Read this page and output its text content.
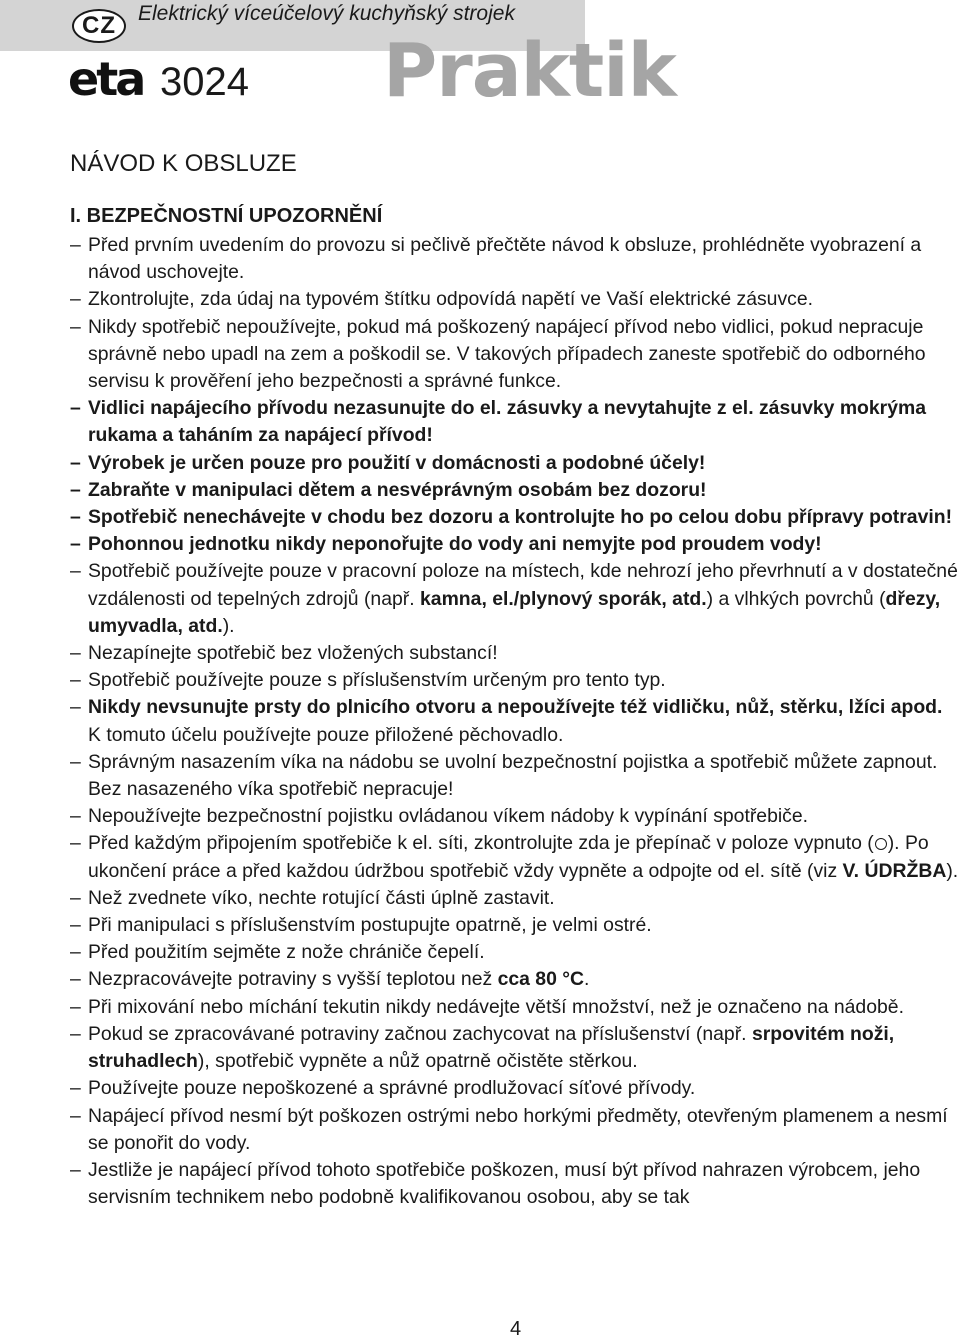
CZ	Elektrický víceúčelový kuchyňský strojek
eta 3024 Praktik
NÁVOD K OBSLUZE
I. BEZPEČNOSTNÍ UPOZORNĚNÍ
– Před prvním uvedením do provozu si pečlivě přečtěte návod k obsluze, prohlédněte vyobrazení a návod uschovejte.
– Zkontrolujte, zda údaj na typovém štítku odpovídá napětí ve Vaší elektrické zásuvce.
– Nikdy spotřebič nepoužívejte, pokud má poškozený napájecí přívod nebo vidlici, pokud nepracuje správně nebo upadl na zem a poškodil se. V takových případech zaneste spotřebič do odborného servisu k prověření jeho bezpečnosti a správné funkce.
– Vidlici napájecího přívodu nezasunujte do el. zásuvky a nevytahujte z el. zásuvky mokrýma rukama a taháním za napájecí přívod!
– Výrobek je určen pouze pro použití v domácnosti a podobné účely!
– Zabraňte v manipulaci dětem a nesvéprávným osobám bez dozoru!
– Spotřebič nenechávejte v chodu bez dozoru a kontrolujte ho po celou dobu přípravy potravin!
– Pohonnou jednotku nikdy neponořujte do vody ani nemyjte pod proudem vody!
– Spotřebič používejte pouze v pracovní poloze na místech, kde nehrozí jeho převrhnutí a v dostatečné vzdálenosti od tepelných zdrojů (např. kamna, el./plynový sporák, atd.) a vlhkých povrchů (dřezy, umyvadla, atd.).
– Nezapínejte spotřebič bez vložených substancí!
– Spotřebič používejte pouze s příslušenstvím určeným pro tento typ.
– Nikdy nevsunujte prsty do plnicího otvoru a nepoužívejte též vidličku, nůž, stěrku, lžíci apod. K tomuto účelu používejte pouze přiložené pěchovadlo.
– Správným nasazením víka na nádobu se uvolní bezpečnostní pojistka a spotřebič můžete zapnout. Bez nasazeného víka spotřebič nepracuje!
– Nepoužívejte bezpečnostní pojistku ovládanou víkem nádoby k vypínání spotřebiče.
– Před každým připojením spotřebiče k el. síti, zkontrolujte zda je přepínač v poloze vypnuto ( ). Po ukončení práce a před každou údržbou spotřebič vždy vypněte a odpojte od el. sítě (viz V. ÚDRŽBA).
– Než zvednete víko, nechte rotující části úplně zastavit.
– Při manipulaci s příslušenstvím postupujte opatrně, je velmi ostré.
– Před použitím sejměte z nože chrániče čepelí.
– Nezpracovávejte potraviny s vyšší teplotou než cca 80 °C.
– Při mixování nebo míchání tekutin nikdy nedávejte větší množství, než je označeno na nádobě.
– Pokud se zpracovávané potraviny začnou zachycovat na příslušenství (např. srpovitém noži, struhadlech), spotřebič vypněte a nůž opatrně očistěte stěrkou.
– Používejte pouze nepoškozené a správné prodlužovací síťové přívody.
– Napájecí přívod nesmí být poškozen ostrými nebo horkými předměty, otevřeným plamenem a nesmí se ponořit do vody.
– Jestliže je napájecí přívod tohoto spotřebiče poškozen, musí být přívod nahrazen výrobcem, jeho servisním technikem nebo podobně kvalifikovanou osobou, aby se tak
4
